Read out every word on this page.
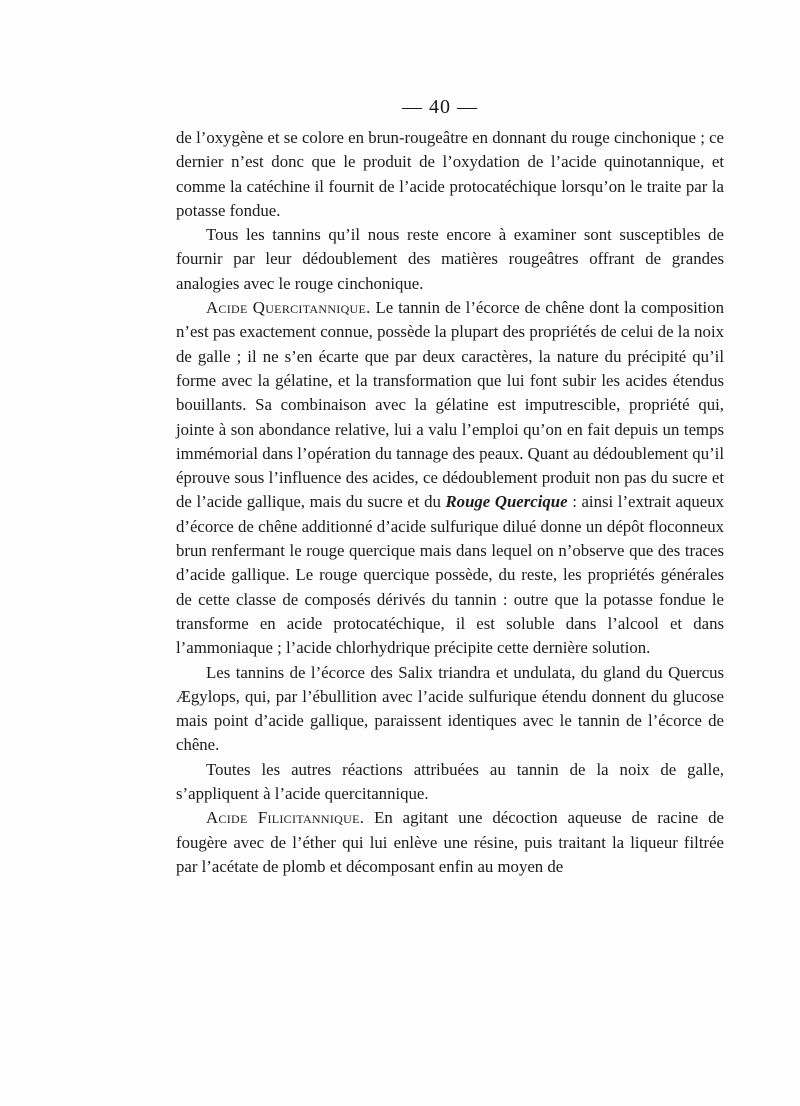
— 40 —

de l’oxygène et se colore en brun-rougeâtre en donnant du rouge cinchonique ; ce dernier n’est donc que le produit de l’oxydation de l’acide quinotannique, et comme la catéchine il fournit de l’acide protocatéchique lorsqu’on le traite par la potasse fondue.

Tous les tannins qu’il nous reste encore à examiner sont susceptibles de fournir par leur dédoublement des matières rougeâtres offrant de grandes analogies avec le rouge cinchonique.

Acide Quercitannique. Le tannin de l’écorce de chêne dont la composition n’est pas exactement connue, possède la plupart des propriétés de celui de la noix de galle ; il ne s’en écarte que par deux caractères, la nature du précipité qu’il forme avec la gélatine, et la transformation que lui font subir les acides étendus bouillants. Sa combinaison avec la gélatine est imputrescible, propriété qui, jointe à son abondance relative, lui a valu l’emploi qu’on en fait depuis un temps immémorial dans l’opération du tannage des peaux. Quant au dédoublement qu’il éprouve sous l’influence des acides, ce dédoublement produit non pas du sucre et de l’acide gallique, mais du sucre et du Rouge Quercique : ainsi l’extrait aqueux d’écorce de chêne additionné d’acide sulfurique dilué donne un dépôt floconneux brun renfermant le rouge quercique mais dans lequel on n’observe que des traces d’acide gallique. Le rouge quercique possède, du reste, les propriétés générales de cette classe de composés dérivés du tannin : outre que la potasse fondue le transforme en acide protocatéchique, il est soluble dans l’alcool et dans l’ammoniaque ; l’acide chlorhydrique précipite cette dernière solution.

Les tannins de l’écorce des Salix triandra et undulata, du gland du Quercus Ægylops, qui, par l’ébullition avec l’acide sulfurique étendu donnent du glucose mais point d’acide gallique, paraissent identiques avec le tannin de l’écorce de chêne.

Toutes les autres réactions attribuées au tannin de la noix de galle, s’appliquent à l’acide quercitannique.

Acide Filicitannique. En agitant une décoction aqueuse de racine de fougère avec de l’éther qui lui enlève une résine, puis traitant la liqueur filtrée par l’acétate de plomb et décomposant enfin au moyen de
